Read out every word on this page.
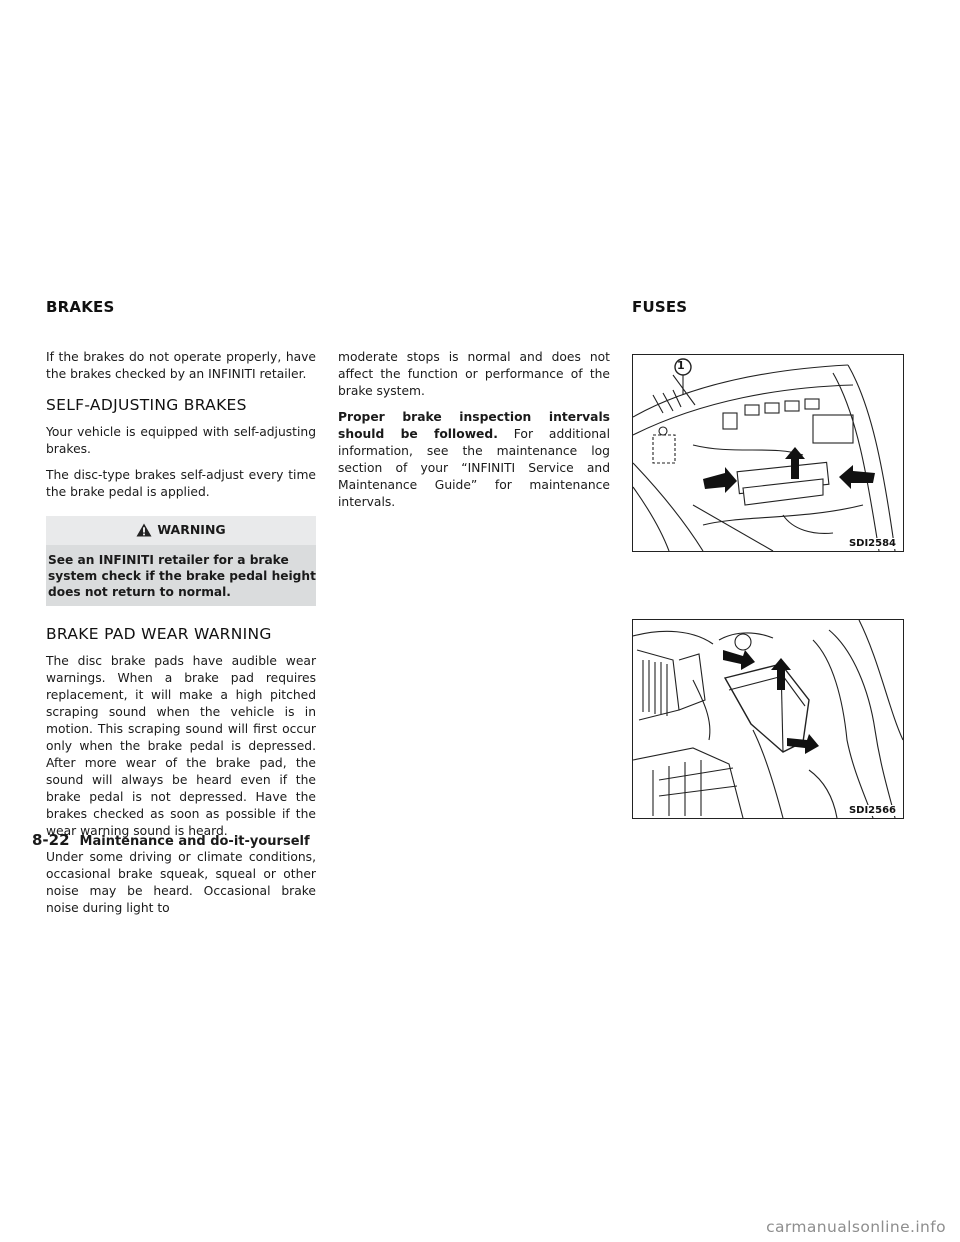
BRAKES	FUSES

If the brakes do not operate properly, have the brakes checked by an INFINITI retailer.

SELF-ADJUSTING BRAKES

Your vehicle is equipped with self-adjusting brakes.

The disc-type brakes self-adjust every time the brake pedal is applied.

WARNING
See an INFINITI retailer for a brake system check if the brake pedal height does not return to normal.
BRAKE PAD WEAR WARNING

The disc brake pads have audible wear warnings. When a brake pad requires replacement, it will make a high pitched scraping sound when the vehicle is in motion. This scraping sound will first occur only when the brake pedal is depressed. After more wear of the brake pad, the sound will always be heard even if the brake pedal is not depressed. Have the brakes checked as soon as possible if the wear warning sound is heard.

Under some driving or climate conditions, occasional brake squeak, squeal or other noise may be heard. Occasional brake noise during light to

moderate stops is normal and does not affect the function or performance of the brake system.

Proper brake inspection intervals should be followed. For additional information, see the maintenance log section of your “INFINITI Service and Maintenance Guide” for maintenance intervals.

1
SDI2584
SDI2566
8-22 Maintenance and do-it-yourself
carmanualsonline.info
